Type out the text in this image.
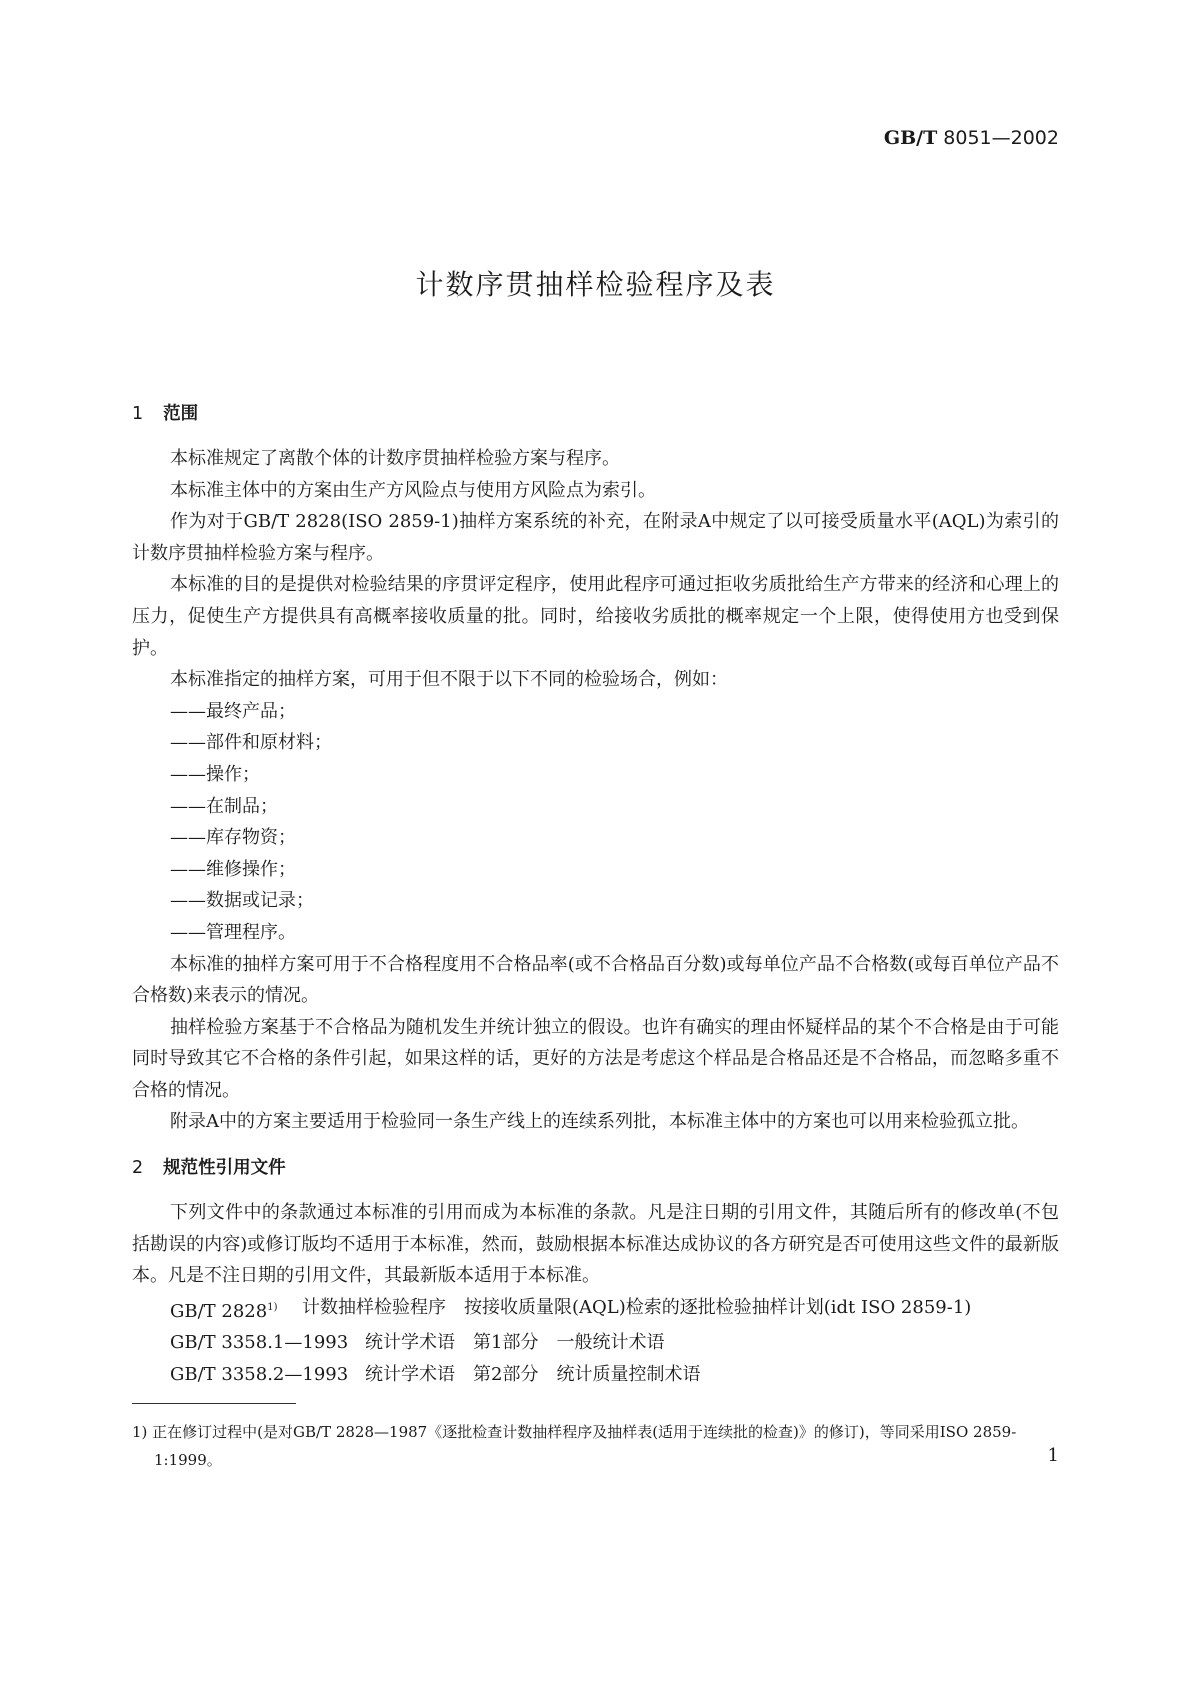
GB/T 8051—2002
计数序贯抽样检验程序及表
1 范围

本标准规定了离散个体的计数序贯抽样检验方案与程序。

本标准主体中的方案由生产方风险点与使用方风险点为索引。

作为对于GB/T 2828(ISO 2859-1)抽样方案系统的补充，在附录A中规定了以可接受质量水平(AQL)为索引的计数序贯抽样检验方案与程序。

本标准的目的是提供对检验结果的序贯评定程序，使用此程序可通过拒收劣质批给生产方带来的经济和心理上的压力，促使生产方提供具有高概率接收质量的批。同时，给接收劣质批的概率规定一个上限，使得使用方也受到保护。

本标准指定的抽样方案，可用于但不限于以下不同的检验场合，例如：

——最终产品；
——部件和原材料；
——操作；
——在制品；
——库存物资；
——维修操作；
——数据或记录；
——管理程序。

本标准的抽样方案可用于不合格程度用不合格品率(或不合格品百分数)或每单位产品不合格数(或每百单位产品不合格数)来表示的情况。

抽样检验方案基于不合格品为随机发生并统计独立的假设。也许有确实的理由怀疑样品的某个不合格是由于可能同时导致其它不合格的条件引起，如果这样的话，更好的方法是考虑这个样品是合格品还是不合格品，而忽略多重不合格的情况。

附录A中的方案主要适用于检验同一条生产线上的连续系列批，本标准主体中的方案也可以用来检验孤立批。

2 规范性引用文件

下列文件中的条款通过本标准的引用而成为本标准的条款。凡是注日期的引用文件，其随后所有的修改单(不包括勘误的内容)或修订版均不适用于本标准，然而，鼓励根据本标准达成协议的各方研究是否可使用这些文件的最新版本。凡是不注日期的引用文件，其最新版本适用于本标准。

GB/T 2828$^{1)}$	计数抽样检验程序　按接收质量限(AQL)检索的逐批检验抽样计划(idt ISO 2859-1)
GB/T 3358.1—1993 统计学术语　第1部分　一般统计术语
GB/T 3358.2—1993 统计学术语　第2部分　统计质量控制术语
1) 正在修订过程中(是对GB/T 2828—1987《逐批检查计数抽样程序及抽样表(适用于连续批的检查)》的修订)，等同采用ISO 2859-1:1999。	1
